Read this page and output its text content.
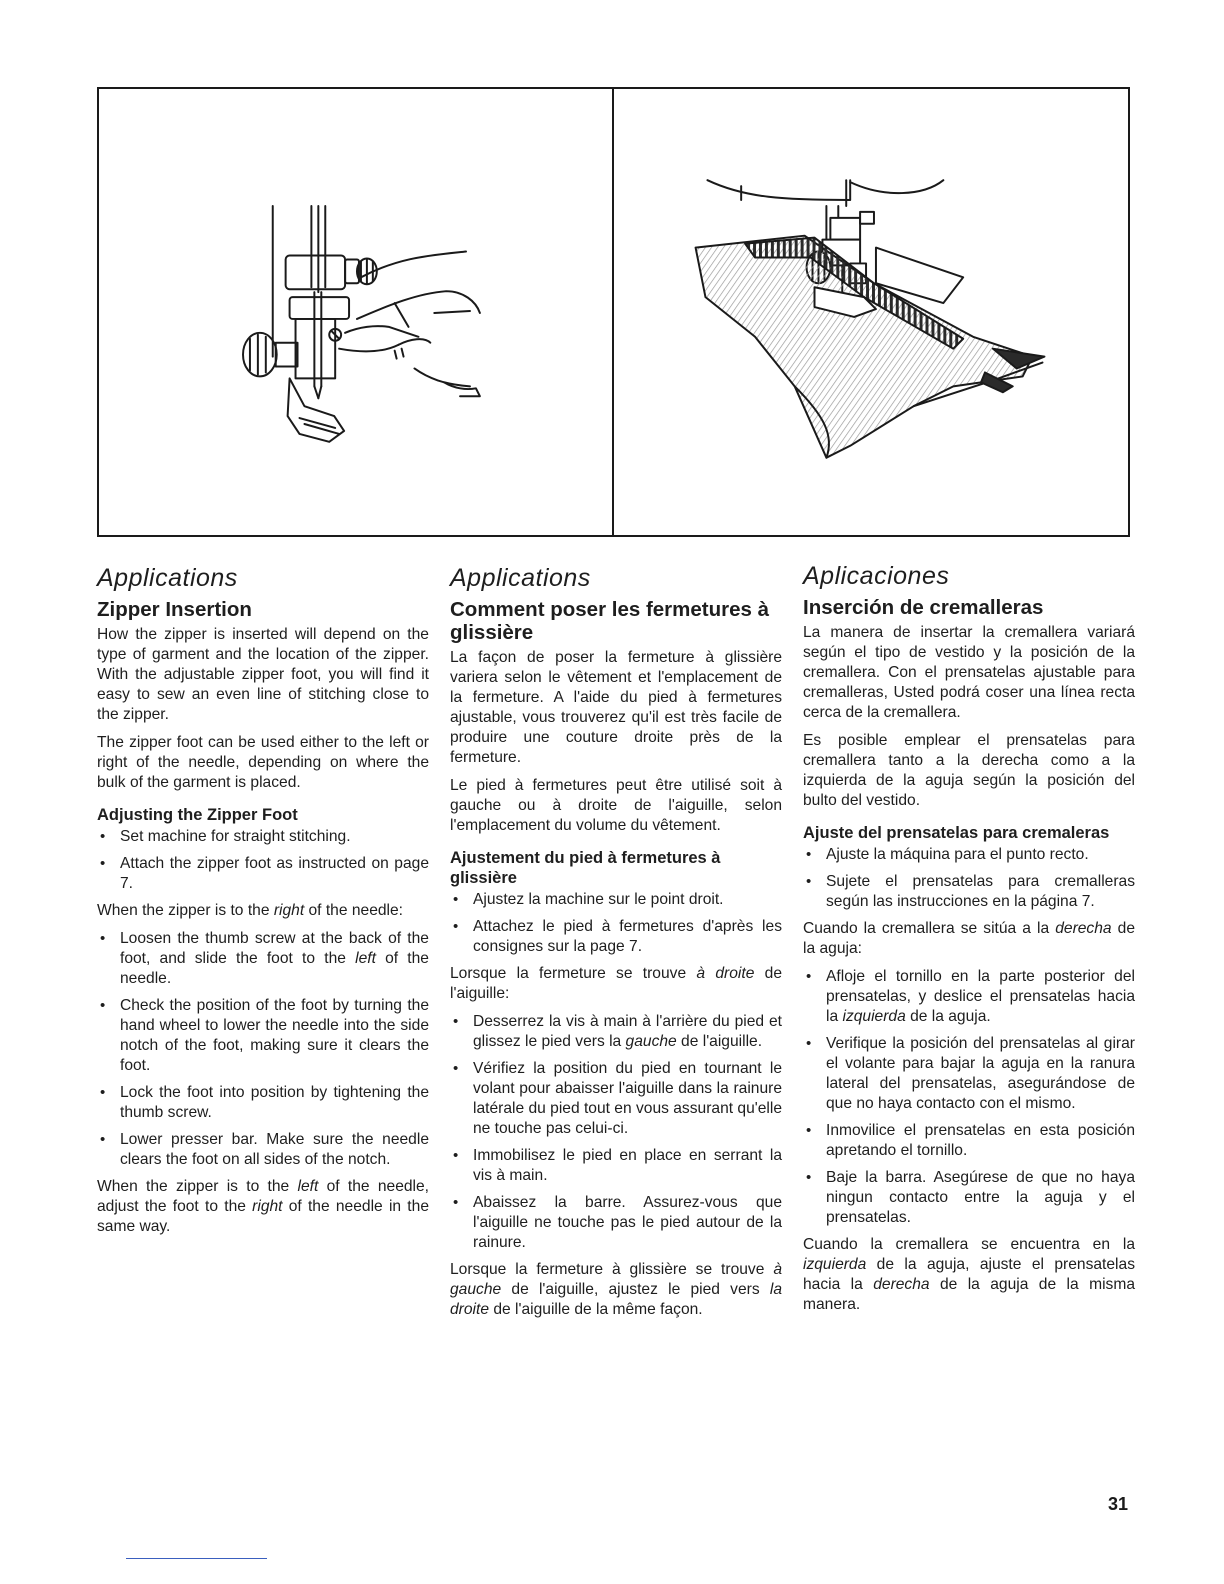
Applications
Zipper Insertion

How the zipper is inserted will depend on the type of garment and the location of the zipper. With the adjustable zipper foot, you will find it easy to sew an even line of stitching close to the zipper.

The zipper foot can be used either to the left or right of the needle, depending on where the bulk of the garment is placed.

Adjusting the Zipper Foot
• Set machine for straight stitching.
• Attach the zipper foot as instructed on page 7.

When the zipper is to the right of the needle:

• Loosen the thumb screw at the back of the foot, and slide the foot to the left of the needle.
• Check the position of the foot by turning the hand wheel to lower the needle into the side notch of the foot, making sure it clears the foot.
• Lock the foot into position by tightening the thumb screw.
• Lower presser bar. Make sure the needle clears the foot on all sides of the notch.

When the zipper is to the left of the needle, adjust the foot to the right of the needle in the same way.

Applications
Comment poser les fermetures à glissière

La façon de poser la fermeture à glissière variera selon le vêtement et l'emplacement de la fermeture. A l'aide du pied à fermetures ajustable, vous trouverez qu'il est très facile de produire une couture droite près de la fermeture.

Le pied à fermetures peut être utilisé soit à gauche ou à droite de l'aiguille, selon l'emplacement du volume du vêtement.

Ajustement du pied à fermetures à glissière
• Ajustez la machine sur le point droit.
• Attachez le pied à fermetures d'après les consignes sur la page 7.

Lorsque la fermeture se trouve à droite de l'aiguille:

• Desserrez la vis à main à l'arrière du pied et glissez le pied vers la gauche de l'aiguille.
• Vérifiez la position du pied en tournant le volant pour abaisser l'aiguille dans la rainure latérale du pied tout en vous assurant qu'elle ne touche pas celui-ci.
• Immobilisez le pied en place en serrant la vis à main.
• Abaissez la barre. Assurez-vous que l'aiguille ne touche pas le pied autour de la rainure.

Lorsque la fermeture à glissière se trouve à gauche de l'aiguille, ajustez le pied vers la droite de l'aiguille de la même façon.

Aplicaciones
Inserción de cremalleras

La manera de insertar la cremallera variará según el tipo de vestido y la posición de la cremallera. Con el prensatelas ajustable para cremalleras, Usted podrá coser una línea recta cerca de la cremallera.

Es posible emplear el prensatelas para cremallera tanto a la derecha como a la izquierda de la aguja según la posición del bulto del vestido.

Ajuste del prensatelas para cremaleras
• Ajuste la máquina para el punto recto.
• Sujete el prensatelas para cremalleras según las instrucciones en la página 7.

Cuando la cremallera se sitúa a la derecha de la aguja:

• Afloje el tornillo en la parte posterior del prensatelas, y deslice el prensatelas hacia la izquierda de la aguja.
• Verifique la posición del prensatelas al girar el volante para bajar la aguja en la ranura lateral del prensatelas, asegurándose de que no haya contacto con el mismo.
• Inmovilice el prensatelas en esta posición apretando el tornillo.
• Baje la barra. Asegúrese de que no haya ningun contacto entre la aguja y el prensatelas.

Cuando la cremallera se encuentra en la izquierda de la aguja, ajuste el prensatelas hacia la derecha de la aguja de la misma manera.

31
